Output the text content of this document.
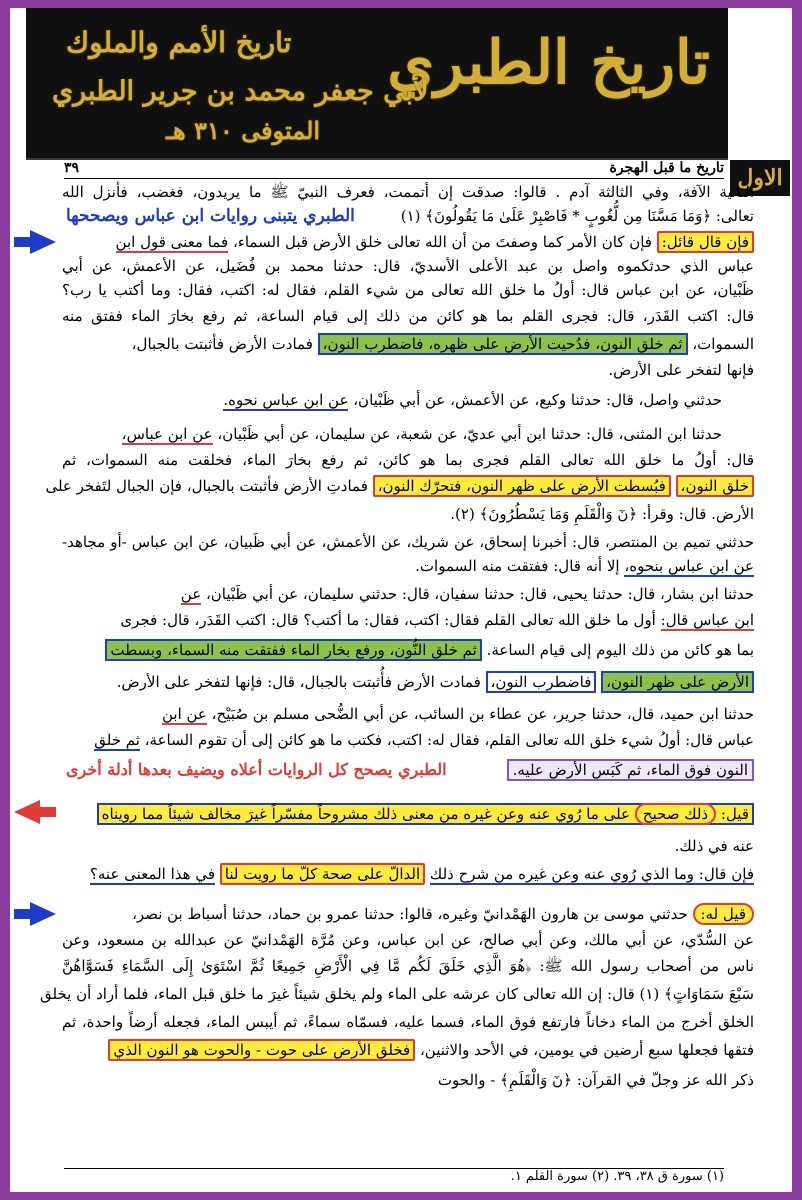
تاريخ الطبري
تاريخ الأمم والملوك
لأبي جعفر محمد بن جرير الطبري
المتوفى ٣١٠ هـ
الاول
تاريخ ما قبل الهجرة
٣٩
الثانية الآفة، وفي الثالثة آدم . قالوا: صدقت إن أتممت، فعرف النبيّ ﷺ ما يريدون، فغضب، فأنزل الله
تعالى: ﴿وَمَا مَسَّنَا مِن لُّغُوبٍ * فَاصْبِرْ عَلَىٰ مَا يَقُولُونَ﴾ (١)
الطبري يتبنى روايات ابن عباس ويصححها
فإن قال قائل: فإن كان الأمر كما وصفتَ من أن الله تعالى خلق الأرض قبل السماء، فما معنى قول ابن
عباس الذي حدثكموه واصل بن عبد الأعلى الأسديّ، قال: حدثنا محمد بن فُضَيل، عن الأعمش، عن أبي
ظَبْيان، عن ابن عباس قال: أولُ ما خلق الله تعالى من شيء القلم، فقال له: اكتب، فقال: وما أكتب يا رب؟
قال: اكتب القَدَر، قال: فجرى القلم بما هو كائن من ذلك إلى قيام الساعة، ثم رفع بخارَ الماء ففتق منه
السموات، ثم خلق النون، فدُحيت الأرض على ظهره، فاضطرب النون، فمادت الأرض فأثبتت بالجبال،
فإنها لتفخر على الأرض.
حدثني واصل، قال: حدثنا وكيع، عن الأعمش، عن أبي ظَبْيان، عن ابن عباس نحوه.
حدثنا ابن المثنى، قال: حدثنا ابن أبي عديّ، عن شعبة، عن سليمان، عن أبي ظَبْيان، عن ابن عباس،
قال: أولُ ما خلق الله تعالى القلم فجرى بما هو كائن، ثم رفع بخارَ الماء، فخلقت منه السموات، ثم
خلق النون، فبُسطت الأرض على ظهر النون، فتحرّك النون، فمادتِ الأرض فأثبتت بالجبال، فإن الجبال لتَفخر على
الأرض. قال: وقرأ: ﴿نٓ وَالْقَلَمِ وَمَا يَسْطُرُونَ﴾ (٢).
حدثني تميم بن المنتصر، قال: أخبرنا إسحاق، عن شريك، عن الأعمش، عن أبي ظَبيان، عن ابن عباس -أو مجاهد-
عن ابن عباس بنحوه، إلا أنه قال: ففتقت منه السموات.
حدثنا ابن بشار، قال: حدثنا يحيى، قال: حدثنا سفيان، قال: حدثني سليمان، عن أبي ظَبْيان، عن
ابن عباس قال: أول ما خلق الله تعالى القلم فقال: اكتب، فقال: ما أكتب؟ قال: اكتب القَدَر، قال: فجرى
بما هو كائن من ذلك اليوم إلى قيام الساعة. ثم خلق النُّون، ورفع بخار الماء ففتقت منه السماء، وبسطت
الأرض على ظهر النون، فاضطرب النون، فمادت الأرض فأُثبتت بالجبال، قال: فإنها لتفخر على الأرض.
حدثنا ابن حميد، قال، حدثنا جرير، عن عطاء بن السائب، عن أبي الضُّحى مسلم بن صُبَيْح، عن ابن
عباس قال: أولُ شيء خلق الله تعالى القلم، فقال له: اكتب، فكتب ما هو كائن إلى أن تقوم الساعة، ثم خلق
النون فوق الماء، ثم كَبَس الأرض عليه.
الطبري يصحح كل الروايات أعلاه ويضيف بعدها أدلة أخرى
قيل: ذلك صحيح على ما رُوي عنه وعن غيره من معنى ذلك مشروحاً مفسّراً غيرَ مخالف شيئاً مما رويناه
عنه في ذلك.
فإن قال: وما الذي رُوي عنه وعن غيره من شرح ذلك الدالّ على صحة كلّ ما رويت لنا في هذا المعنى عنه؟
قيل له: حدثني موسى بن هارون الهَمْدانيّ وغيره، قالوا: حدثنا عمرو بن حماد، حدثنا أسباط بن نصر،
عن السُّدّي، عن أبي مالك، وعن أبي صالح، عن ابن عباس، وعن مُرَّة الهَمْدانيّ عن عبدالله بن مسعود، وعن
ناس من أصحاب رسول الله ﷺ: ﴿هُوَ الَّذِي خَلَقَ لَكُم مَّا فِي الْأَرْضِ جَمِيعًا ثُمَّ اسْتَوَىٰ إِلَى السَّمَاءِ فَسَوَّاهُنَّ
سَبْعَ سَمَاوَاتٍ﴾ (١) قال: إن الله تعالى كان عرشه على الماء ولم يخلق شيئاً غيرَ ما خلق قبل الماء، فلما أراد أن يخلق
الخلق أخرج من الماء دخاناً فارتفع فوق الماء، فسما عليه، فسمّاه سماءً، ثم أيبس الماء، فجعله أرضاً واحدة، ثم
فتقها فجعلها سبع أرضين في يومين، في الأحد والاثنين، فخلق الأرض على حوت - والحوت هو النون الذي
ذكر الله عز وجلّ في القرآن: ﴿نٓ وَالْقَلَمِ﴾ - والحوت
(١) سورة ق ٣٨، ٣٩. (٢) سورة القلم ١.
